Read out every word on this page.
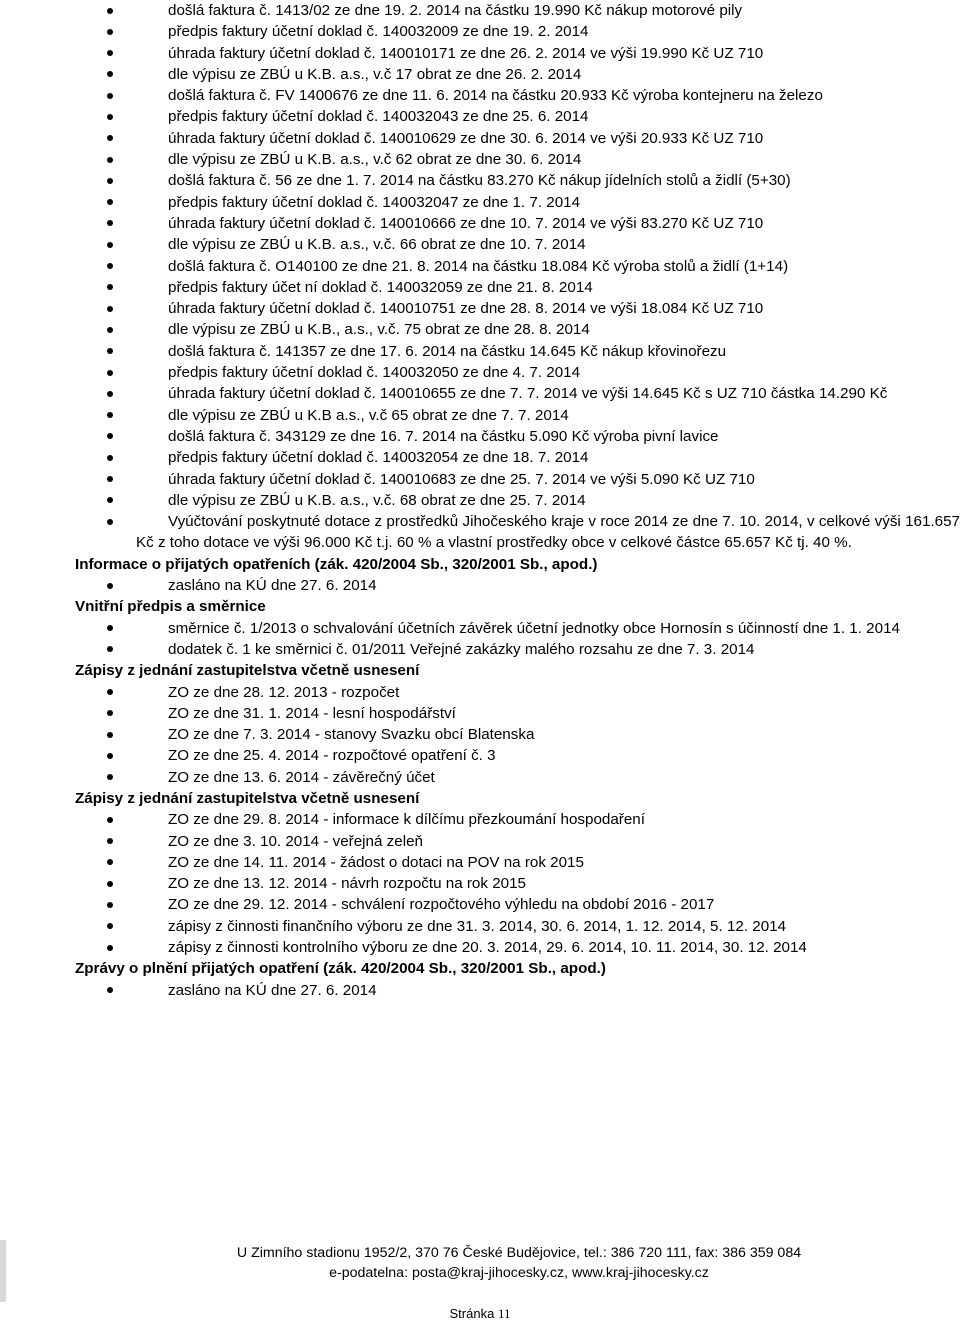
došlá faktura č. 1413/02 ze dne 19. 2. 2014 na částku 19.990 Kč nákup motorové pily
předpis faktury účetní doklad č. 140032009 ze dne 19. 2. 2014
úhrada faktury účetní doklad č. 140010171 ze dne 26. 2. 2014 ve výši 19.990 Kč UZ 710
dle výpisu ze ZBÚ u K.B. a.s., v.č 17 obrat ze dne 26. 2. 2014
došlá faktura č. FV 1400676 ze dne 11. 6. 2014 na částku 20.933 Kč výroba kontejneru na železo
předpis faktury účetní doklad č. 140032043 ze dne 25. 6. 2014
úhrada faktury účetní doklad č. 140010629 ze dne 30. 6. 2014 ve výši 20.933 Kč UZ 710
dle výpisu ze ZBÚ u K.B. a.s., v.č 62 obrat ze dne 30. 6. 2014
došlá faktura č. 56 ze dne 1. 7. 2014 na částku 83.270 Kč nákup jídelních stolů a židlí (5+30)
předpis faktury účetní doklad č. 140032047 ze dne 1. 7. 2014
úhrada faktury účetní doklad č. 140010666 ze dne 10. 7. 2014 ve výši 83.270 Kč UZ 710
dle výpisu ze ZBÚ u K.B. a.s., v.č. 66 obrat ze dne 10. 7. 2014
došlá faktura č. O140100 ze dne 21. 8. 2014 na částku 18.084 Kč výroba stolů a židlí (1+14)
předpis faktury účet ní doklad č. 140032059 ze dne 21. 8. 2014
úhrada faktury účetní doklad č. 140010751 ze dne 28. 8. 2014 ve výši 18.084 Kč UZ 710
dle výpisu ze ZBÚ u K.B., a.s., v.č. 75 obrat ze dne 28. 8. 2014
došlá faktura č. 141357 ze dne 17. 6. 2014 na částku 14.645 Kč nákup křovinořezu
předpis faktury účetní doklad č. 140032050 ze dne 4. 7. 2014
úhrada faktury účetní doklad č. 140010655 ze dne 7. 7. 2014 ve výši 14.645 Kč s UZ 710 částka 14.290 Kč
dle výpisu ze ZBÚ u K.B a.s., v.č 65 obrat ze dne 7. 7. 2014
došlá faktura č. 343129 ze dne 16. 7. 2014 na částku 5.090 Kč výroba pivní lavice
předpis faktury účetní doklad č. 140032054 ze dne 18. 7. 2014
úhrada faktury účetní doklad č. 140010683 ze dne 25. 7. 2014 ve výši 5.090 Kč UZ 710
dle výpisu ze ZBÚ u K.B. a.s., v.č. 68 obrat ze dne 25. 7. 2014
Vyúčtování poskytnuté dotace z prostředků Jihočeského kraje v roce 2014 ze dne 7. 10. 2014, v celkové výši 161.657 Kč z toho dotace ve výši 96.000 Kč t.j. 60 % a vlastní prostředky obce v celkové částce 65.657 Kč tj. 40 %.

Informace o přijatých opatřeních (zák. 420/2004 Sb., 320/2001 Sb., apod.)

zasláno na KÚ dne 27. 6. 2014

Vnitřní předpis a směrnice

směrnice č. 1/2013 o schvalování účetních závěrek účetní jednotky obce Hornosín s účinností dne 1. 1. 2014
dodatek č. 1 ke směrnici č. 01/2011 Veřejné zakázky malého rozsahu ze dne 7. 3. 2014

Zápisy z jednání zastupitelstva včetně usnesení

ZO ze dne 28. 12. 2013 - rozpočet
ZO ze dne 31. 1. 2014 - lesní hospodářství
ZO ze dne 7. 3. 2014 - stanovy Svazku obcí Blatenska
ZO ze dne 25. 4. 2014 - rozpočtové opatření č. 3
ZO ze dne 13. 6. 2014 - závěrečný účet

Zápisy z jednání zastupitelstva včetně usnesení

ZO ze dne 29. 8. 2014 - informace k dílčímu přezkoumání hospodaření
ZO ze dne 3. 10. 2014 - veřejná zeleň
ZO ze dne 14. 11. 2014 - žádost o dotaci na POV na rok 2015
ZO ze dne 13. 12. 2014 - návrh rozpočtu na rok 2015
ZO ze dne 29. 12. 2014 - schválení rozpočtového výhledu na období 2016 - 2017
zápisy z činnosti finančního výboru ze dne 31. 3. 2014, 30. 6. 2014, 1. 12. 2014, 5. 12. 2014
zápisy z činnosti kontrolního výboru ze dne 20. 3. 2014, 29. 6. 2014, 10. 11. 2014, 30. 12. 2014

Zprávy o plnění přijatých opatření (zák. 420/2004 Sb., 320/2001 Sb., apod.)

zasláno na KÚ dne 27. 6. 2014
U Zimního stadionu 1952/2, 370 76 České Budějovice, tel.: 386 720 111, fax: 386 359 084
e-podatelna: posta@kraj-jihocesky.cz, www.kraj-jihocesky.cz
Stránka 11
